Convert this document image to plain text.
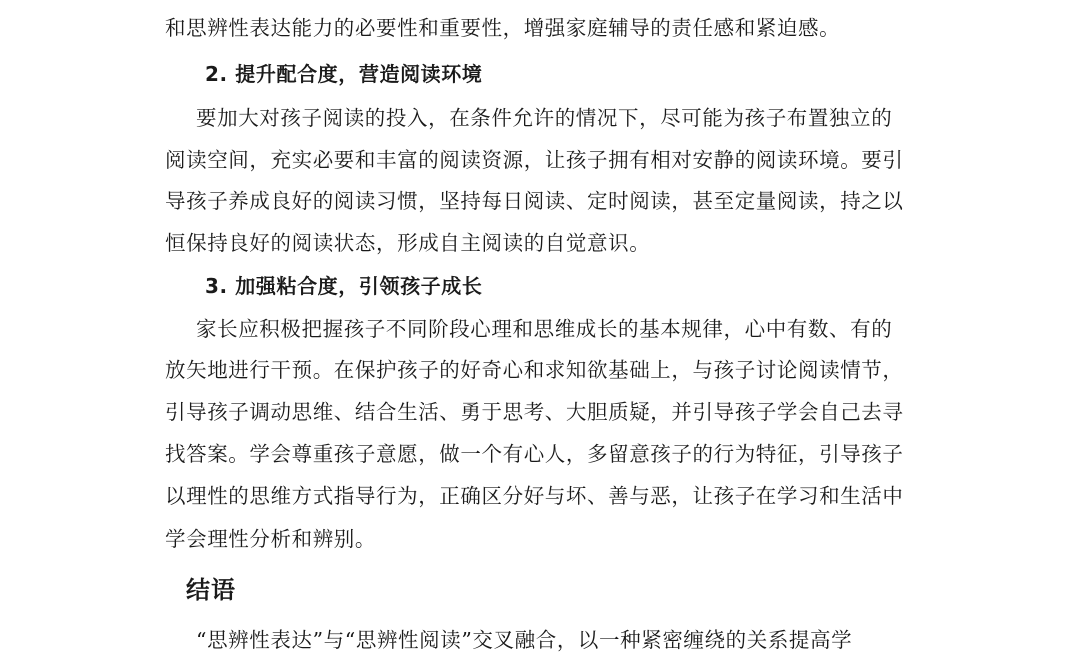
和思辨性表达能力的必要性和重要性，增强家庭辅导的责任感和紧迫感。
2. 提升配合度，营造阅读环境
要加大对孩子阅读的投入，在条件允许的情况下，尽可能为孩子布置独立的
阅读空间，充实必要和丰富的阅读资源，让孩子拥有相对安静的阅读环境。要引
导孩子养成良好的阅读习惯，坚持每日阅读、定时阅读，甚至定量阅读，持之以
恒保持良好的阅读状态，形成自主阅读的自觉意识。
3. 加强粘合度，引领孩子成长
家长应积极把握孩子不同阶段心理和思维成长的基本规律，心中有数、有的
放矢地进行干预。在保护孩子的好奇心和求知欲基础上，与孩子讨论阅读情节，
引导孩子调动思维、结合生活、勇于思考、大胆质疑，并引导孩子学会自己去寻
找答案。学会尊重孩子意愿，做一个有心人，多留意孩子的行为特征，引导孩子
以理性的思维方式指导行为，正确区分好与坏、善与恶，让孩子在学习和生活中
学会理性分析和辨别。
结语
“思辨性表达”与“思辨性阅读”交叉融合，以一种紧密缠绕的关系提高学
